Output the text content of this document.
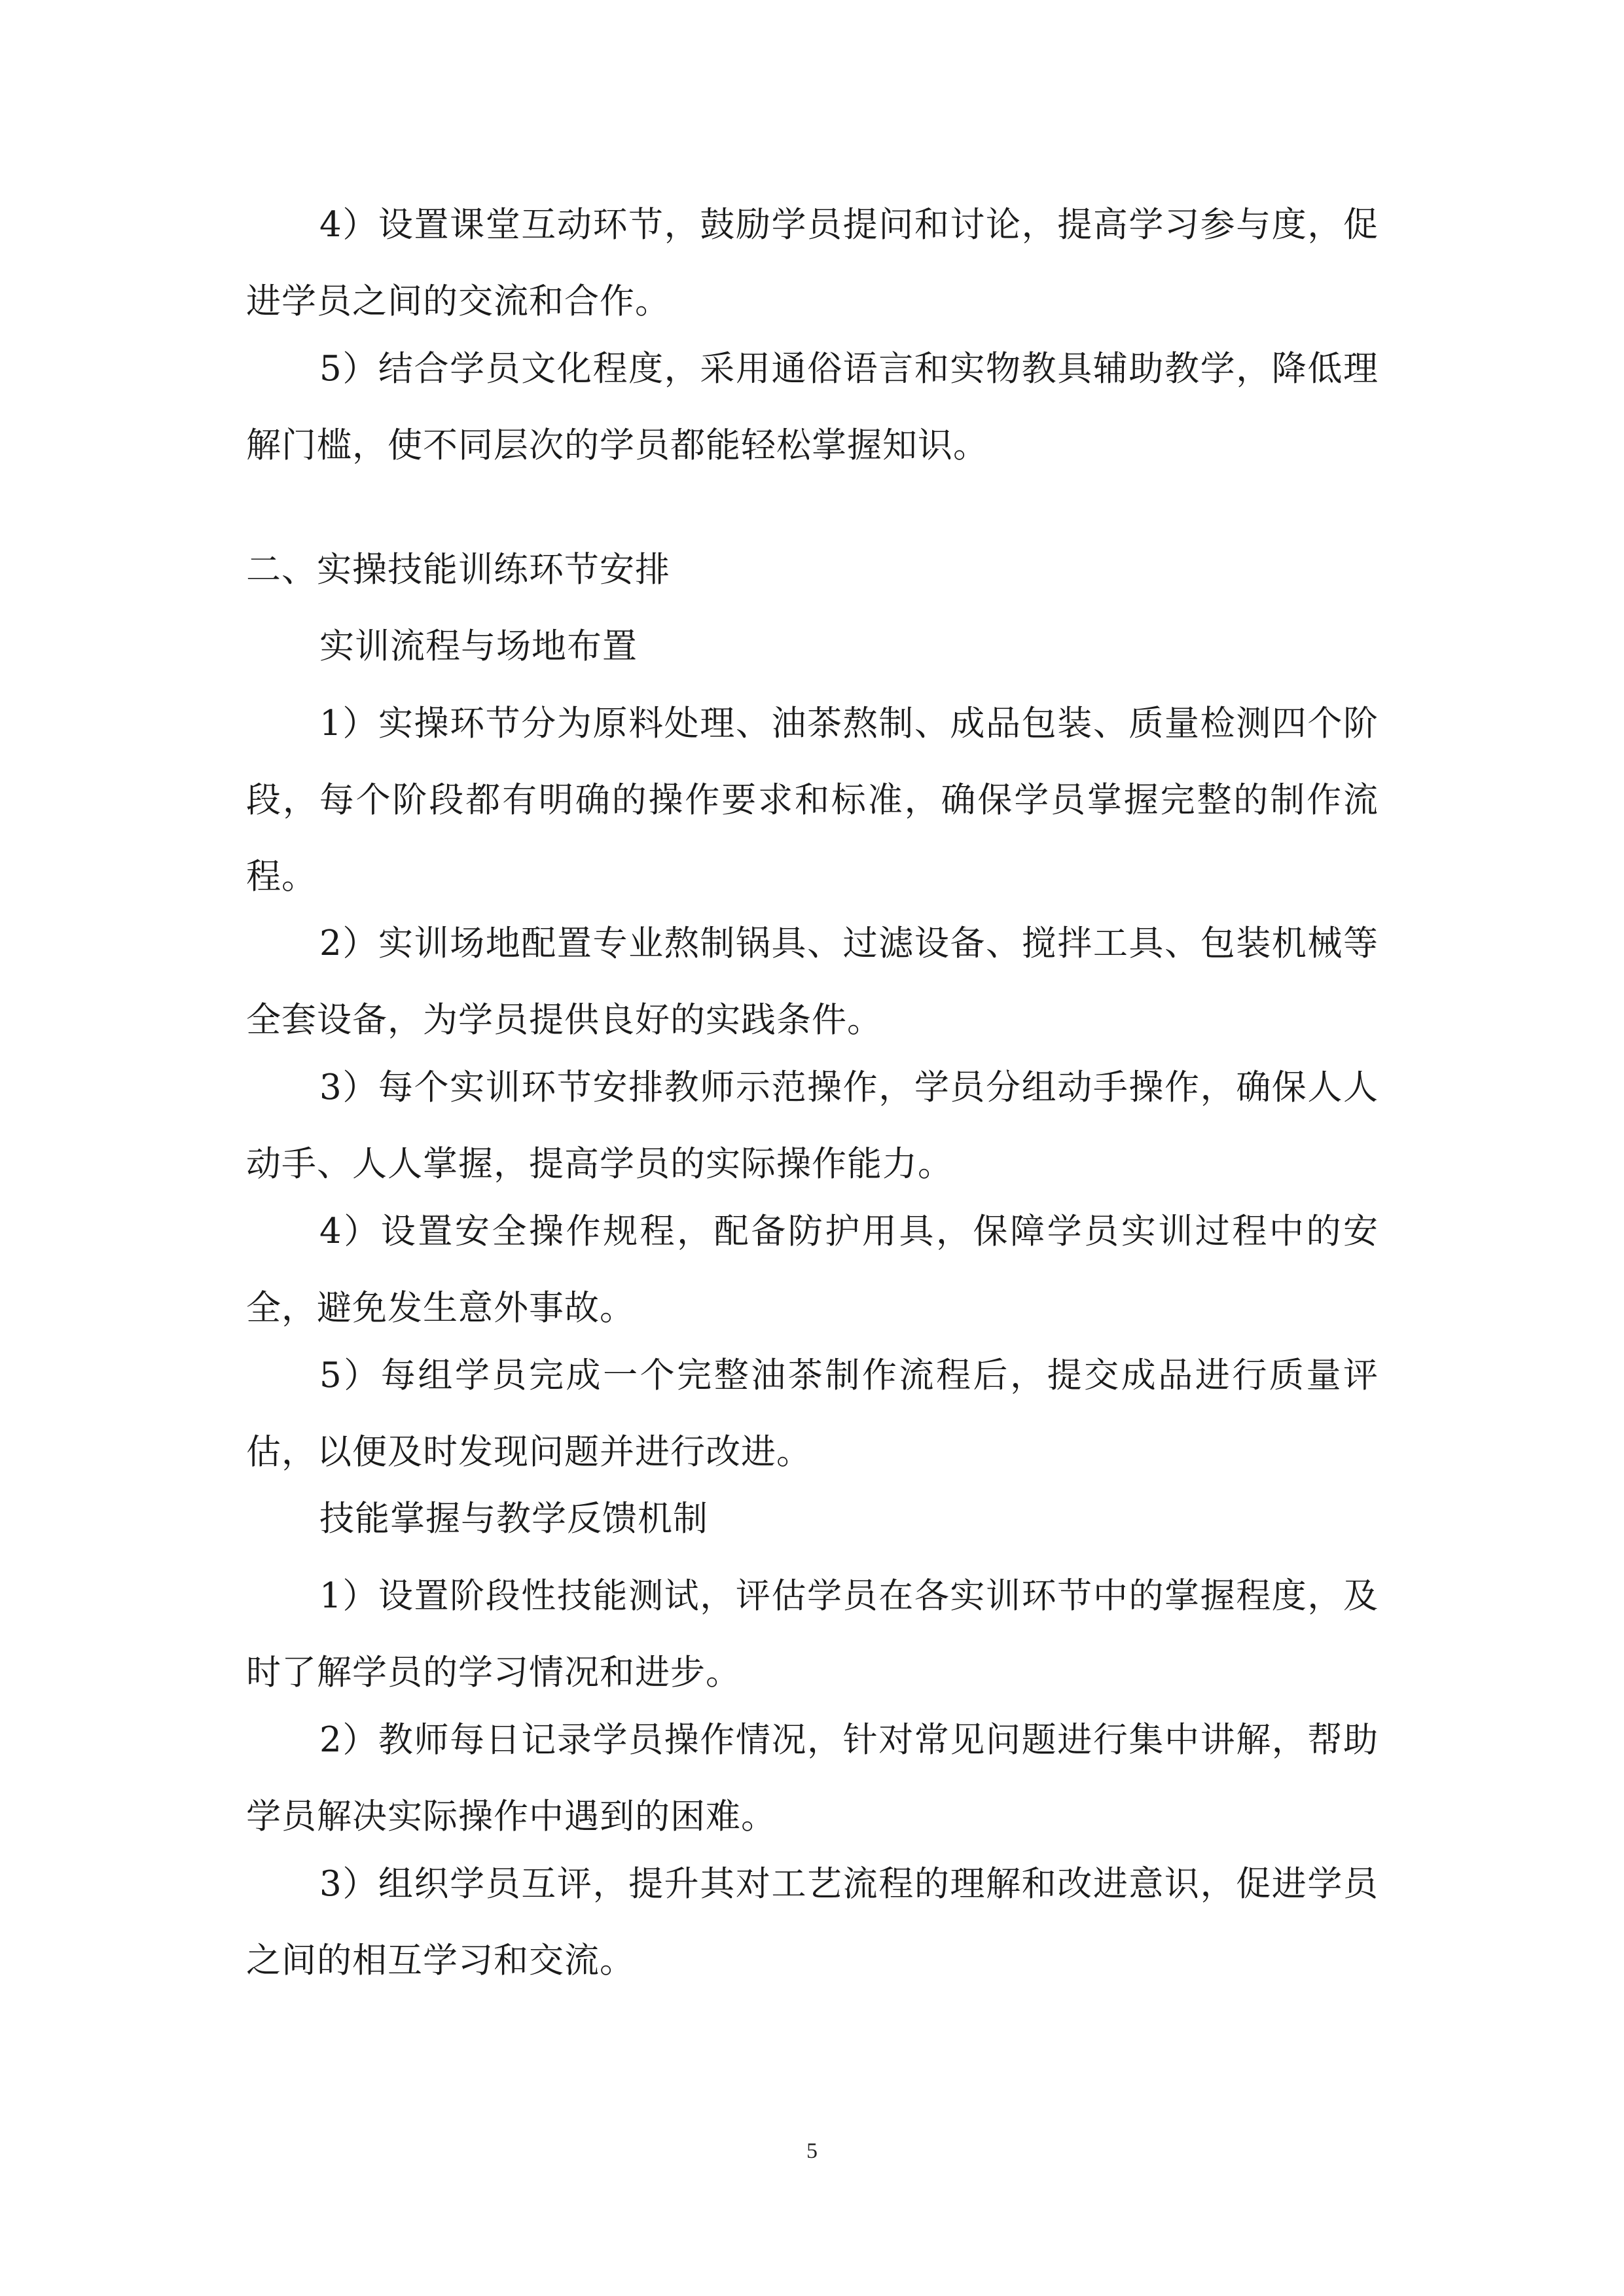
4）设置课堂互动环节，鼓励学员提问和讨论，提高学习参与度，促进学员之间的交流和合作。

5）结合学员文化程度，采用通俗语言和实物教具辅助教学，降低理解门槛，使不同层次的学员都能轻松掌握知识。

二、实操技能训练环节安排

实训流程与场地布置

1）实操环节分为原料处理、油茶熬制、成品包装、质量检测四个阶段，每个阶段都有明确的操作要求和标准，确保学员掌握完整的制作流程。

2）实训场地配置专业熬制锅具、过滤设备、搅拌工具、包装机械等全套设备，为学员提供良好的实践条件。

3）每个实训环节安排教师示范操作，学员分组动手操作，确保人人动手、人人掌握，提高学员的实际操作能力。

4）设置安全操作规程，配备防护用具，保障学员实训过程中的安全，避免发生意外事故。

5）每组学员完成一个完整油茶制作流程后，提交成品进行质量评估，以便及时发现问题并进行改进。

技能掌握与教学反馈机制

1）设置阶段性技能测试，评估学员在各实训环节中的掌握程度，及时了解学员的学习情况和进步。

2）教师每日记录学员操作情况，针对常见问题进行集中讲解，帮助学员解决实际操作中遇到的困难。

3）组织学员互评，提升其对工艺流程的理解和改进意识，促进学员之间的相互学习和交流。

5
